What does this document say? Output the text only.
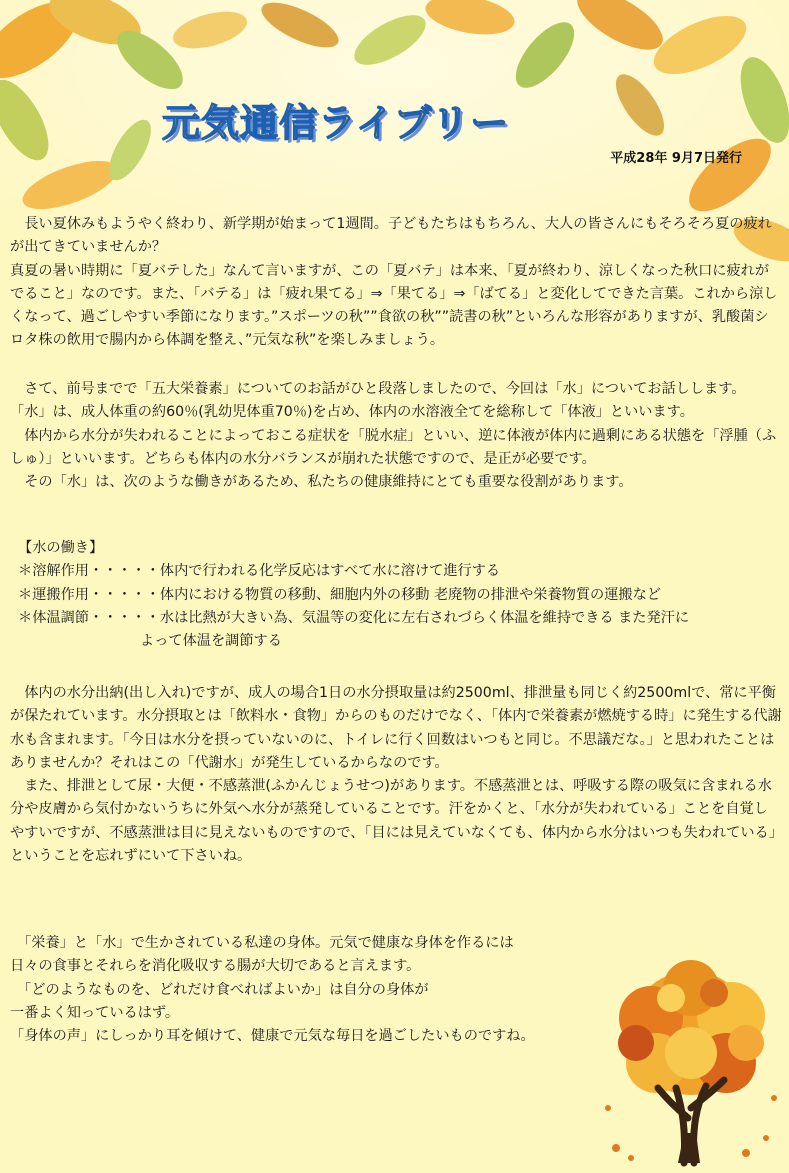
元気通信ライブリー
平成28年 9月7日発行

　長い夏休みもようやく終わり、新学期が始まって1週間。子どもたちはもちろん、大人の皆さんにもそろそろ夏の疲れが出てきていませんか？
真夏の暑い時期に「夏バテした」なんて言いますが、この「夏バテ」は本来、「夏が終わり、涼しくなった秋口に疲れがでること」なのです。また、「バテる」は「疲れ果てる」⇒「果てる」⇒「ばてる」と変化してできた言葉。これから涼しくなって、過ごしやすい季節になります。”スポーツの秋””食欲の秋””読書の秋”といろんな形容がありますが、乳酸菌シロタ株の飲用で腸内から体調を整え、”元気な秋”を楽しみましょう。

　さて、前号までで「五大栄養素」についてのお話がひと段落しましたので、今回は「水」についてお話しします。
「水」は、成人体重の約60％(乳幼児体重70％)を占め、体内の水溶液全てを総称して「体液」といいます。
　体内から水分が失われることによっておこる症状を「脱水症」といい、逆に体液が体内に過剰にある状態を「浮腫（ふしゅ）」といいます。どちらも体内の水分バランスが崩れた状態ですので、是正が必要です。
　その「水」は、次のような働きがあるため、私たちの健康維持にとても重要な役割があります。

【水の働き】

＊溶解作用・・・・・ 体内で行われる化学反応はすべて水に溶けて進行する
＊運搬作用・・・・・ 体内における物質の移動、細胞内外の移動 老廃物の排泄や栄養物質の運搬など
＊体温調節・・・・・ 水は比熱が大きい為、気温等の変化に左右されづらく体温を維持できる また発汗に
よって体温を調節する

　体内の水分出納(出し入れ)ですが、成人の場合1日の水分摂取量は約2500ml、排泄量も同じく約2500mlで、常に平衡が保たれています。水分摂取とは「飲料水・食物」からのものだけでなく、「体内で栄養素が燃焼する時」に発生する代謝水も含まれます。「今日は水分を摂っていないのに、トイレに行く回数はいつもと同じ。不思議だな。」と思われたことはありませんか？それはこの「代謝水」が発生しているからなのです。
　また、排泄として尿・大便・不感蒸泄(ふかんじょうせつ)があります。不感蒸泄とは、呼吸する際の吸気に含まれる水分や皮膚から気付かないうちに外気へ水分が蒸発していることです。汗をかくと、「水分が失われている」ことを自覚しやすいですが、不感蒸泄は目に見えないものですので、「目には見えていなくても、体内から水分はいつも失われている」ということを忘れずにいて下さいね。

　「栄養」と「水」で生かされている私達の身体。元気で健康な身体を作るには
日々の食事とそれらを消化吸収する腸が大切であると言えます。
　「どのようなものを、どれだけ食べればよいか」は自分の身体が
一番よく知っているはず。
「身体の声」にしっかり耳を傾けて、健康で元気な毎日を過ごしたいものですね。
